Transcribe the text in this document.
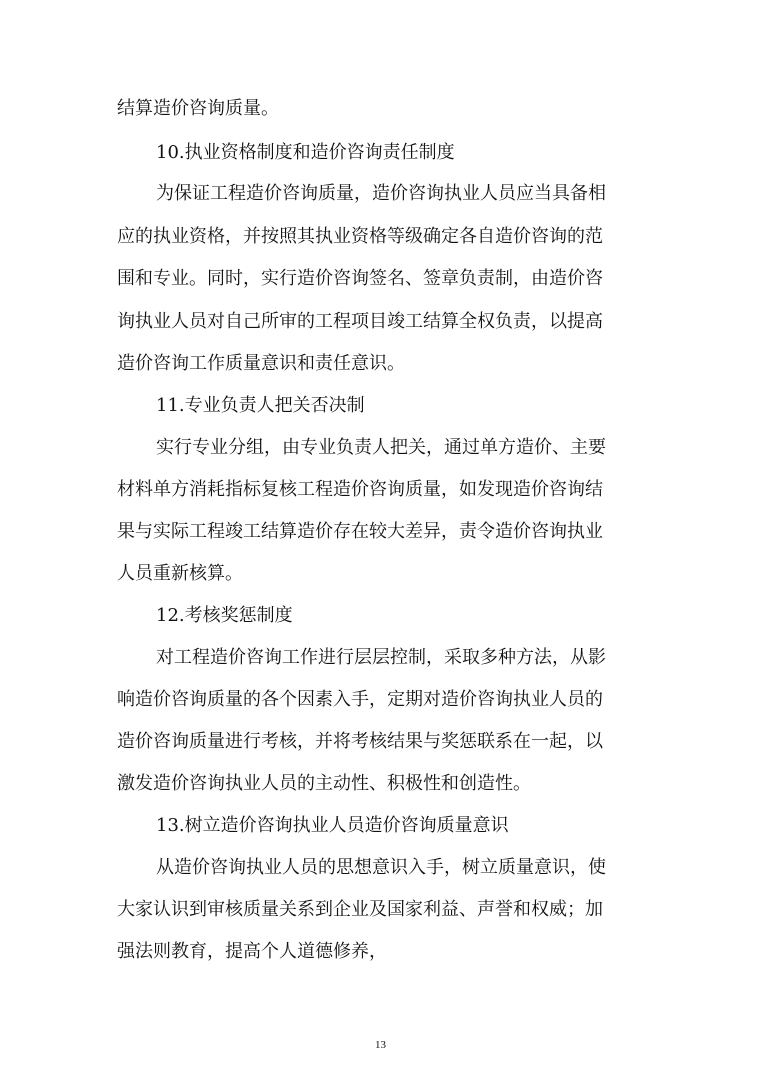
结算造价咨询质量。
10.执业资格制度和造价咨询责任制度
为保证工程造价咨询质量，造价咨询执业人员应当具备相
应的执业资格，并按照其执业资格等级确定各自造价咨询的范
围和专业。同时，实行造价咨询签名、签章负责制，由造价咨
询执业人员对自己所审的工程项目竣工结算全权负责，以提高
造价咨询工作质量意识和责任意识。
11.专业负责人把关否决制
实行专业分组，由专业负责人把关，通过单方造价、主要
材料单方消耗指标复核工程造价咨询质量，如发现造价咨询结
果与实际工程竣工结算造价存在较大差异，责令造价咨询执业
人员重新核算。
12.考核奖惩制度
对工程造价咨询工作进行层层控制，采取多种方法，从影
响造价咨询质量的各个因素入手，定期对造价咨询执业人员的
造价咨询质量进行考核，并将考核结果与奖惩联系在一起，以
激发造价咨询执业人员的主动性、积极性和创造性。
13.树立造价咨询执业人员造价咨询质量意识
从造价咨询执业人员的思想意识入手，树立质量意识，使
大家认识到审核质量关系到企业及国家利益、声誉和权威；加
强法则教育，提高个人道德修养，
13
